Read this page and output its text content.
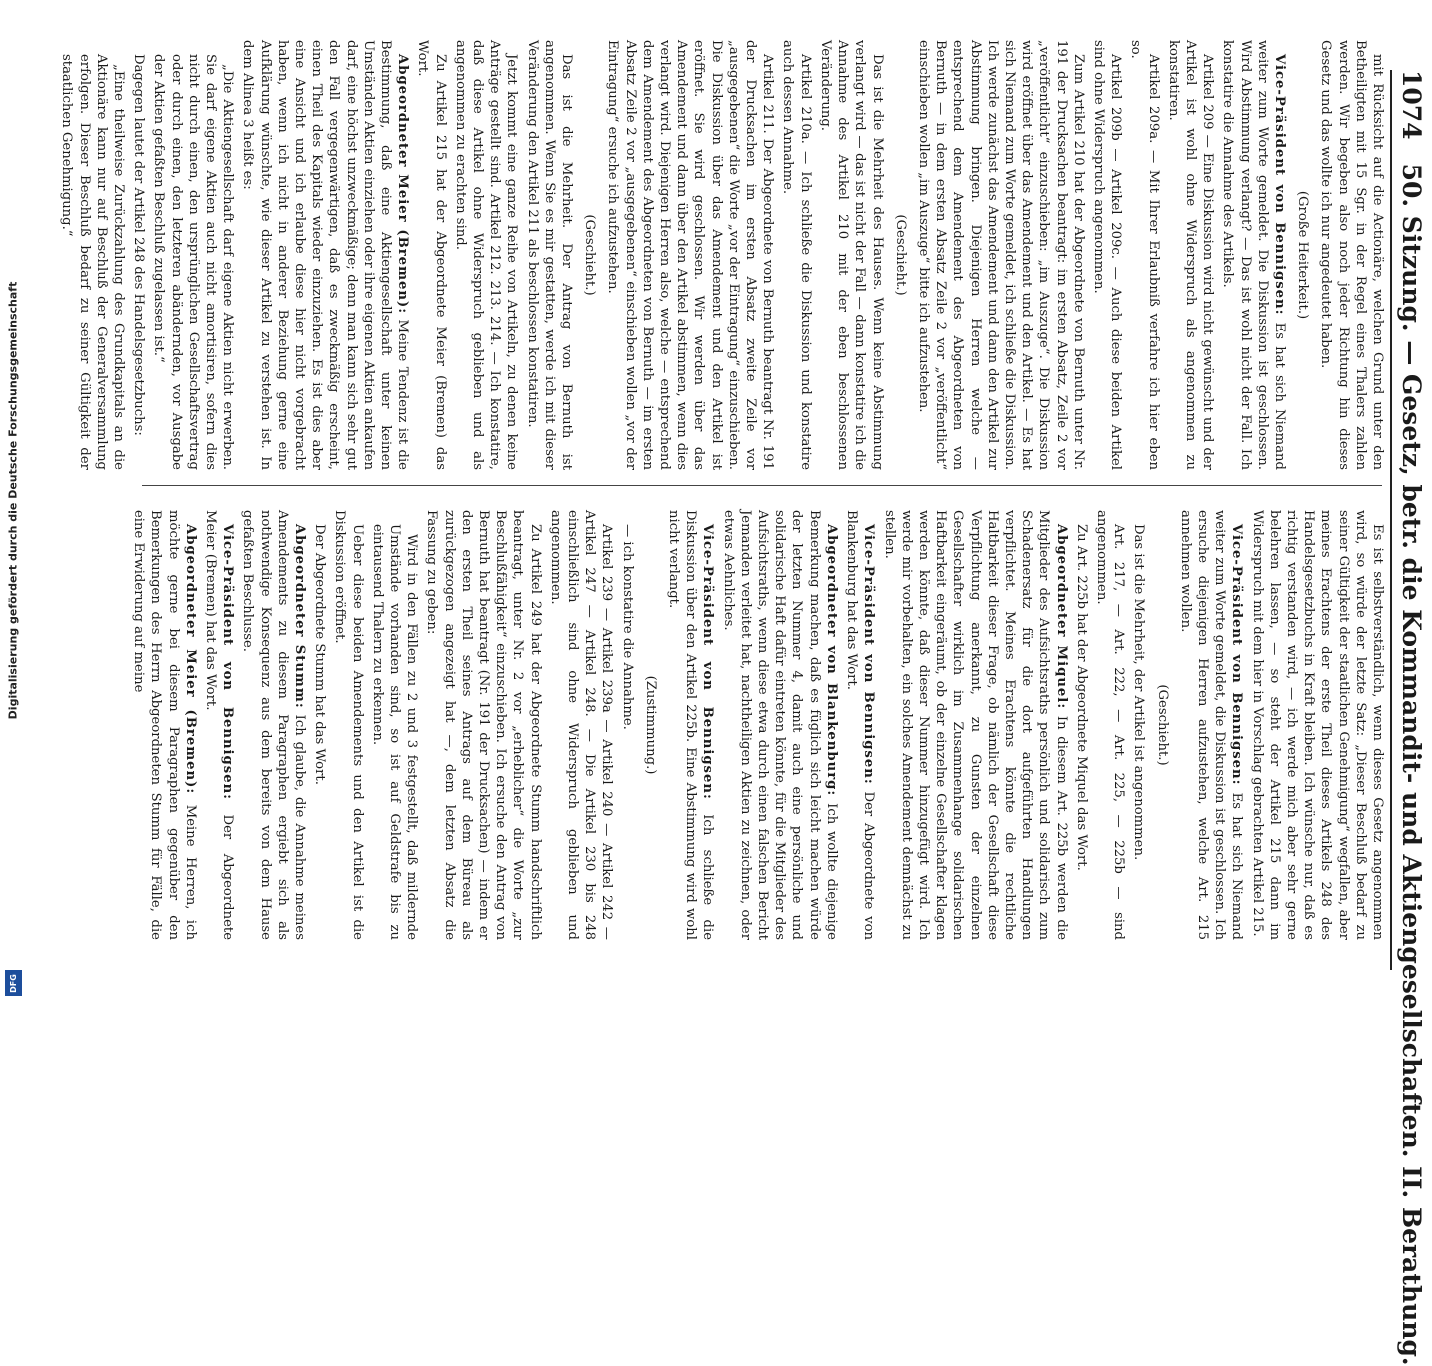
Digitalisierung gefördert durch die Deutsche Forschungsgemeinschaft
DFG
1074
50. Sitzung. — Gesetz, betr. die Kommandit- und Aktiengesellschaften. II. Berathung.

mit Rücksicht auf die Actionäre, welchen Grund unter den Betheiligten mit 15 Sgr. in der Regel eines Thalers zahlen werden. Wir begeben also noch jeder Richtung hin dieses Gesetz und das wollte ich nur angedeutet haben.

(Große Heiterkeit.)

Vice-Präsident von Bennigsen: Es hat sich Niemand weiter zum Worte gemeldet. Die Diskussion ist geschlossen. Wird Abstimmung verlangt? — Das ist wohl nicht der Fall. Ich konstatire die Annahme des Artikels.

Artikel 209 — Eine Diskussion wird nicht gewünscht und der Artikel ist wohl ohne Widerspruch als angenommen zu konstatiren.

Artikel 209a. — Mit Ihrer Erlaubniß verfahre ich hier eben so.

Artikel 209b — Artikel 209c. — Auch diese beiden Artikel sind ohne Widerspruch angenommen.

Zum Artikel 210 hat der Abgeordnete von Bernuth unter Nr. 191 der Drucksachen beantragt: im ersten Absatz, Zeile 2 vor „veröffentlicht“ einzuschieben: „im Auszuge“. Die Diskussion wird eröffnet über das Amendement und den Artikel. — Es hat sich Niemand zum Worte gemeldet, ich schließe die Diskussion. Ich werde zunächst das Amendement und dann den Artikel zur Abstimmung bringen. Diejenigen Herren welche — entsprechend dem Amendement des Abgeordneten von Bernuth — in dem ersten Absatz Zeile 2 vor „veröffentlicht“ einschieben wollen „im Auszuge“ bitte ich aufzustehen.

(Geschieht.)

Das ist die Mehrheit des Hauses. Wenn keine Abstimmung verlangt wird — das ist nicht der Fall — dann konstatire ich die Annahme des Artikel 210 mit der eben beschlossenen Veränderung.

Artikel 210a. — Ich schließe die Diskussion und konstatire auch dessen Annahme.

Artikel 211. Der Abgeordnete von Bernuth beantragt Nr. 191 der Drucksachen im ersten Absatz zweite Zeile vor „ausgegebenen“ die Worte „vor der Eintragung“ einzuschieben. Die Diskussion über das Amendement und den Artikel ist eröffnet. Sie wird geschlossen. Wir werden über das Amendement und dann über den Artikel abstimmen, wenn dies verlangt wird. Diejenigen Herren also, welche — entsprechend dem Amendement des Abgeordneten von Bernuth — im ersten Absatz Zeile 2 vor „ausgegebenen“ einschieben wollen „vor der Eintragung“ ersuche ich aufzustehen.

(Geschieht.)

Das ist die Mehrheit. Der Antrag von Bernuth ist angenommen. Wenn Sie es mir gestatten, werde ich mit dieser Veränderung den Artikel 211 als beschlossen konstatiren.

Jetzt kommt eine ganze Reihe von Artikeln, zu denen keine Anträge gestellt sind. Artikel 212. 213. 214. — Ich konstatire, daß diese Artikel ohne Widerspruch geblieben und als angenommen zu erachten sind.

Zu Artikel 215 hat der Abgeordnete Meier (Bremen) das Wort.

Abgeordneter Meier (Bremen): Meine Tendenz ist die Bestimmung, daß eine Aktiengesellschaft unter keinen Umständen Aktien einziehen oder ihre eigenen Aktien ankaufen darf, eine höchst unzweckmäßige; denn man kann sich sehr gut den Fall vergegenwärtigen, daß es zweckmäßig erscheint, einen Theil des Kapitals wieder einzuziehen. Es ist dies aber eine Ansicht und ich erlaube diese hier nicht vorgebracht haben, wenn ich nicht in anderer Beziehung gerne eine Aufklärung wünschte, wie dieser Artikel zu verstehen ist. In dem Alinea 3 heißt es:

„Die Aktiengesellschaft darf eigene Aktien nicht erwerben. Sie darf eigene Aktien auch nicht amortisiren, sofern dies nicht durch einen, den ursprünglichen Gesellschaftsvertrag oder durch einen, den letzteren abändernden, vor Ausgabe der Aktien gefaßten Beschluß zugelassen ist.“

Dagegen lautet der Artikel 248 des Handelsgesetzbuchs:

„Eine theilweise Zurückzahlung des Grundkapitals an die Aktionäre kann nur auf Beschluß der Generalversammlung erfolgen. Dieser Beschluß bedarf zu seiner Gültigkeit der staatlichen Genehmigung.“

Es ist selbstverständlich, wenn dieses Gesetz angenommen wird, so würde der letzte Satz: „Dieser Beschluß bedarf zu seiner Gültigkeit der staatlichen Genehmigung“ wegfallen, aber meines Erachtens der erste Theil dieses Artikels 248 des Handelsgesetzbuchs in Kraft bleiben. Ich wünsche nur, daß es richtig verstanden wird, — ich werde mich aber sehr gerne belehren lassen, — so steht der Artikel 215 dann im Widerspruch mit dem hier in Vorschlag gebrachten Artikel 215.

Vice-Präsident von Bennigsen: Es hat sich Niemand weiter zum Worte gemeldet, die Diskussion ist geschlossen. Ich ersuche diejenigen Herren aufzustehen, welche Art. 215 annehmen wollen.

(Geschieht.)

Das ist die Mehrheit, der Artikel ist angenommen.

Art. 217, — Art. 222, — Art. 225, — 225b — sind angenommen.

Zu Art. 225b hat der Abgeordnete Miquel das Wort.

Abgeordneter Miquel: In diesem Art. 225b werden die Mitglieder des Aufsichtsraths persönlich und solidarisch zum Schadenersatz für die dort aufgeführten Handlungen verpflichtet. Meines Erachtens könnte die rechtliche Haltbarkeit dieser Frage, ob nämlich der Gesellschaft diese Verpflichtung anerkannt, zu Gunsten der einzelnen Gesellschafter wirklich im Zusammenhange solidarischen Haftbarkeit eingeräumt, ob der einzelne Gesellschafter klagen werden könnte, daß dieser Nummer hinzugefügt wird. Ich werde mir vorbehalten, ein solches Amendement demnächst zu stellen.

Vice-Präsident von Bennigsen: Der Abgeordnete von Blankenburg hat das Wort.

Abgeordneter von Blankenburg: Ich wollte diejenige Bemerkung machen, daß es füglich sich leicht machen würde der letzten Nummer 4, damit auch eine persönliche und solidarische Haft dafür eintreten könnte, für die Mitglieder des Aufsichtsraths, wenn diese etwa durch einen falschen Bericht Jemanden verleitet hat, nachtheiligen Aktien zu zeichnen, oder etwas Aehnliches.

Vice-Präsident von Bennigsen: Ich schließe die Diskussion über den Artikel 225b. Eine Abstimmung wird wohl nicht verlangt.

(Zustimmung.)

— ich konstatire die Annahme.

Artikel 239 — Artikel 239a — Artikel 240 — Artikel 242 — Artikel 247 — Artikel 248. — Die Artikel 230 bis 248 einschließlich sind ohne Widerspruch geblieben und angenommen.

Zu Artikel 249 hat der Abgeordnete Stumm handschriftlich beantragt, unter Nr. 2 vor „erheblicher“ die Worte „zur Beschlußfähigkeit“ einzuschieben. Ich ersuche den Antrag von Bernuth hat beantragt (Nr. 191 der Drucksachen) — indem er den ersten Theil seines Antrags auf dem Büreau als zurückgezogen angezeigt hat —, dem letzten Absatz die Fassung zu geben:

Wird in den Fällen zu 2 und 3 festgestellt, daß mildernde Umstände vorhanden sind, so ist auf Geldstrafe bis zu eintausend Thalern zu erkennen.

Ueber diese beiden Amendements und den Artikel ist die Diskussion eröffnet.

Der Abgeordnete Stumm hat das Wort.

Abgeordneter Stumm: Ich glaube, die Annahme meines Amendements zu diesem Paragraphen ergiebt sich als nothwendige Konsequenz aus dem bereits von dem Hause gefaßten Beschlusse.

Vice-Präsident von Bennigsen: Der Abgeordnete Meier (Bremen) hat das Wort.

Abgeordneter Meier (Bremen): Meine Herren, ich möchte gerne bei diesem Paragraphen gegenüber den Bemerkungen des Herrn Abgeordneten Stumm für Fälle, die eine Erwiderung auf meine
